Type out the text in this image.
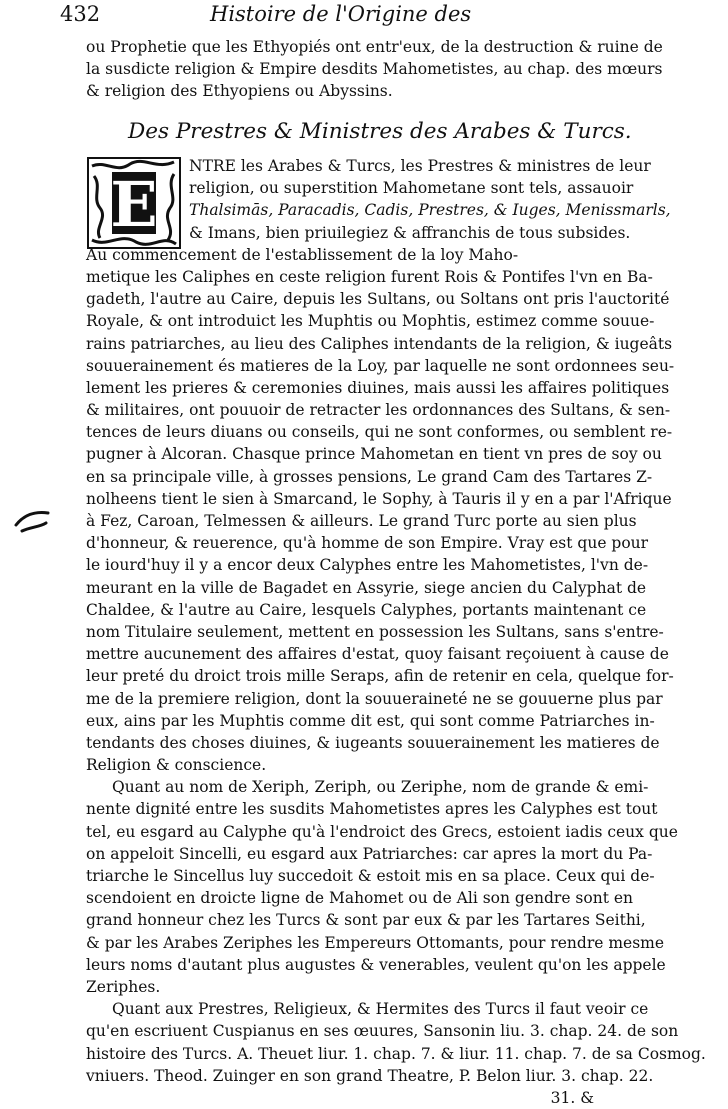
432	Histoire de l'Origine des
ou Prophetie que les Ethyopiés ont entr'eux, de la destruction & ruine de
la susdicte religion & Empire desdits Mahometistes, au chap. des mœurs
& religion des Ethyopiens ou Abyssins.
Des Prestres & Ministres des Arabes & Turcs.
E
NTRE les Arabes & Turcs, les Prestres & ministres de leur
religion, ou superstition Mahometane sont tels, assauoir
Thalsimās, Paracadis, Cadis, Prestres, & Iuges, Menissmarls,
& Imans, bien priuilegiez & affranchis de tous subsides.
Au commencement de l'establissement de la loy Maho-
metique les Caliphes en ceste religion furent Rois & Pontifes l'vn en Ba-
gadeth, l'autre au Caire, depuis les Sultans, ou Soltans ont pris l'auctorité
Royale, & ont introduict les Muphtis ou Mophtis, estimez comme souue-
rains patriarches, au lieu des Caliphes intendants de la religion, & iugeâts
souuerainement és matieres de la Loy, par laquelle ne sont ordonnees seu-
lement les prieres & ceremonies diuines, mais aussi les affaires politiques
& militaires, ont pouuoir de retracter les ordonnances des Sultans, & sen-
tences de leurs diuans ou conseils, qui ne sont conformes, ou semblent re-
pugner à Alcoran. Chasque prince Mahometan en tient vn pres de soy ou
en sa principale ville, à grosses pensions, Le grand Cam des Tartares Z-
nolheens tient le sien à Smarcand, le Sophy, à Tauris il y en a par l'Afrique
à Fez, Caroan, Telmessen & ailleurs. Le grand Turc porte au sien plus
d'honneur, & reuerence, qu'à homme de son Empire. Vray est que pour
le iourd'huy il y a encor deux Calyphes entre les Mahometistes, l'vn de-
meurant en la ville de Bagadet en Assyrie, siege ancien du Calyphat de
Chaldee, & l'autre au Caire, lesquels Calyphes, portants maintenant ce
nom Titulaire seulement, mettent en possession les Sultans, sans s'entre-
mettre aucunement des affaires d'estat, quoy faisant reçoiuent à cause de
leur preté du droict trois mille Seraps, afin de retenir en cela, quelque for-
me de la premiere religion, dont la souueraineté ne se gouuerne plus par
eux, ains par les Muphtis comme dit est, qui sont comme Patriarches in-
tendants des choses diuines, & iugeants souuerainement les matieres de
Religion & conscience.
Quant au nom de Xeriph, Zeriph, ou Zeriphe, nom de grande & emi-
nente dignité entre les susdits Mahometistes apres les Calyphes est tout
tel, eu esgard au Calyphe qu'à l'endroict des Grecs, estoient iadis ceux que
on appeloit Sincelli, eu esgard aux Patriarches: car apres la mort du Pa-
triarche le Sincellus luy succedoit & estoit mis en sa place. Ceux qui de-
scendoient en droicte ligne de Mahomet ou de Ali son gendre sont en
grand honneur chez les Turcs & sont par eux & par les Tartares Seithi,
& par les Arabes Zeriphes les Empereurs Ottomants, pour rendre mesme
leurs noms d'autant plus augustes & venerables, veulent qu'on les appele
Zeriphes.
Quant aux Prestres, Religieux, & Hermites des Turcs il faut veoir ce
qu'en escriuent Cuspianus en ses œuures, Sansonin liu. 3. chap. 24. de son
histoire des Turcs. A. Theuet liur. 1. chap. 7. & liur. 11. chap. 7. de sa Cosmog.
vniuers. Theod. Zuinger en son grand Theatre, P. Belon liur. 3. chap. 22.
31. &
